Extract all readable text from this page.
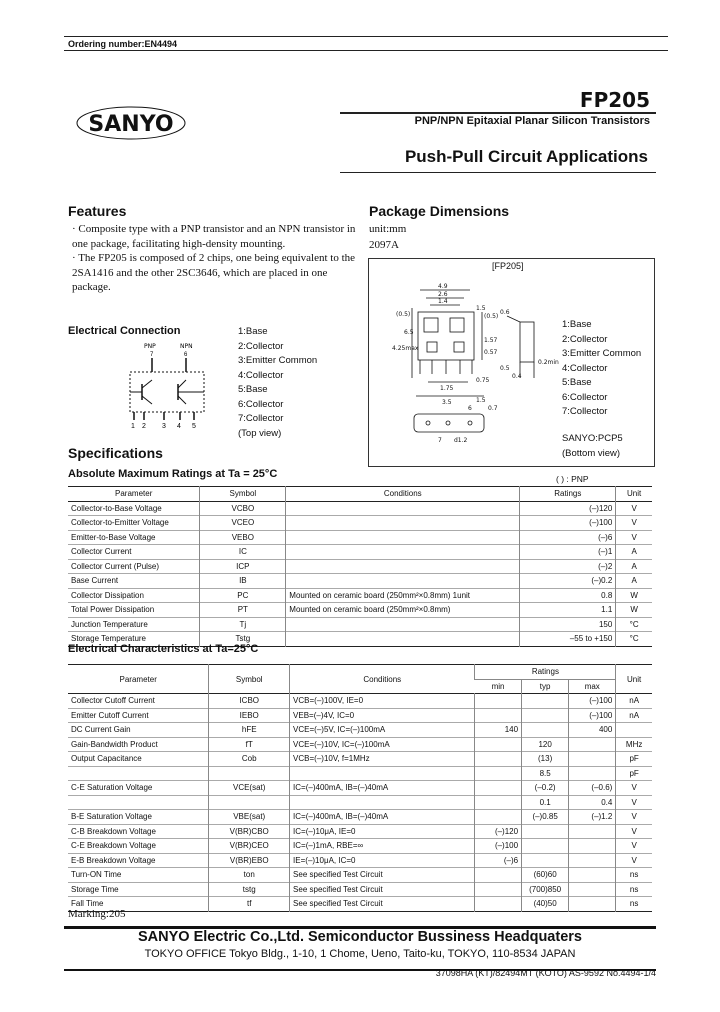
Ordering number:EN4494
SANYO
FP205
PNP/NPN Epitaxial Planar Silicon Transistors
Push-Pull Circuit Applications
Features

· Composite type with a PNP transistor and an NPN transistor in one package, facilitating high-density mounting.

· The FP205 is composed of 2 chips, one being equivalent to the 2SA1416 and the other 2SC3646, which are placed in one package.

Electrical Connection
PNP	NPN
7	6
1 2 3 4 5
1:Base
2:Collector
3:Emitter Common
4:Collector
5:Base
6:Collector
7:Collector
(Top view)
Package Dimensions
unit:mm
2097A
[FP205]
4.9
2.6
1.4
1.5
(0.5)	(0.5)
0.6
4.25max
6.5
1.57
0.57
0.2min
0.5
0.4
1.75
0.75
3.5
0.7
1.5
d1.2
7
6
1:Base
2:Collector
3:Emitter Common
4:Collector
5:Base
6:Collector
7:Collector
SANYO:PCP5
(Bottom view)
Specifications
Absolute Maximum Ratings at Ta = 25°C	( ) : PNP
Parameter	Symbol	Conditions	Ratings	Unit
Collector-to-Base Voltage	VCBO		(–)120	V
Collector-to-Emitter Voltage	VCEO		(–)100	V
Emitter-to-Base Voltage	VEBO		(–)6	V
Collector Current	IC		(–)1	A
Collector Current (Pulse)	ICP		(–)2	A
Base Current	IB		(–)0.2	A
Collector Dissipation	PC	Mounted on ceramic board (250mm²×0.8mm) 1unit	0.8	W
Total Power Dissipation	PT	Mounted on ceramic board (250mm²×0.8mm)	1.1	W
Junction Temperature	Tj		150	°C
Storage Temperature	Tstg		–55 to +150	°C
Electrical Characteristics at Ta=25°C
Parameter	Symbol	Conditions	Ratings			Unit
			min	typ	max	
Collector Cutoff Current	ICBO	VCB=(–)100V, IE=0			(–)100	nA
Emitter Cutoff Current	IEBO	VEB=(–)4V, IC=0			(–)100	nA
DC Current Gain	hFE	VCE=(–)5V, IC=(–)100mA	140		400	
Gain-Bandwidth Product	fT	VCE=(–)10V, IC=(–)100mA		120		MHz
Output Capacitance	Cob	VCB=(–)10V, f=1MHz		(13)		pF
				8.5		pF
C-E Saturation Voltage	VCE(sat)	IC=(–)400mA, IB=(–)40mA		(–0.2)	(–0.6)	V
				0.1	0.4	V
B-E Saturation Voltage	VBE(sat)	IC=(–)400mA, IB=(–)40mA		(–)0.85	(–)1.2	V
C-B Breakdown Voltage	V(BR)CBO	IC=(–)10μA, IE=0	(–)120			V
C-E Breakdown Voltage	V(BR)CEO	IC=(–)1mA, RBE=∞	(–)100			V
E-B Breakdown Voltage	V(BR)EBO	IE=(–)10μA, IC=0	(–)6			V
Turn-ON Time	ton	See specified Test Circuit		(60)60		ns
Storage Time	tstg	See specified Test Circuit		(700)850		ns
Fall Time	tf	See specified Test Circuit		(40)50		ns
Marking:205
SANYO Electric Co.,Ltd. Semiconductor Bussiness Headquaters
TOKYO OFFICE Tokyo Bldg., 1-10, 1 Chome, Ueno, Taito-ku, TOKYO, 110-8534 JAPAN
37098HA (KT)/82494MT (KOTO) AS-9592 No.4494-1/4
